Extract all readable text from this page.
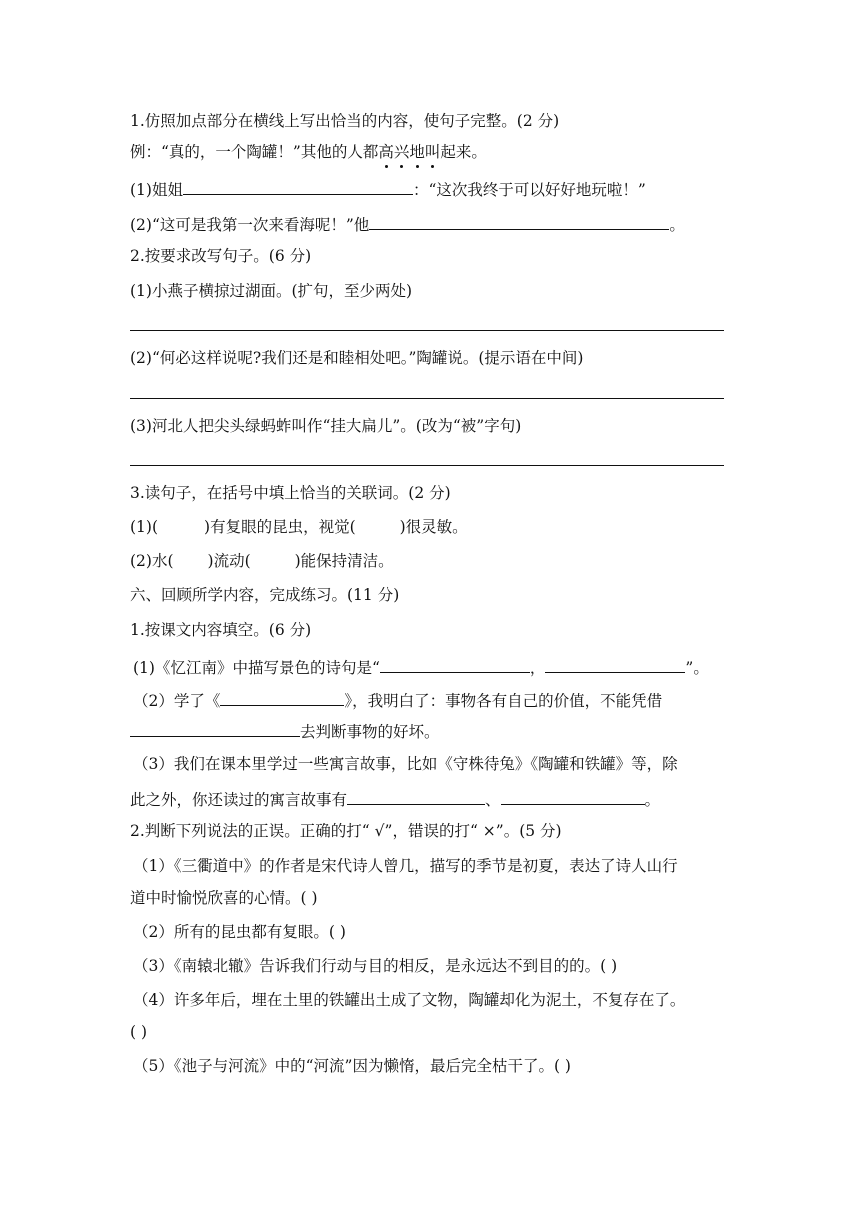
1.仿照加点部分在横线上写出恰当的内容，使句子完整。(2 分)
例：“真的，一个陶罐！”其他的人都高兴地叫起来。
(1)姐姐	：“这次我终于可以好好地玩啦！”
(2)“这可是我第一次来看海呢！”他	。
2.按要求改写句子。(6 分)
(1)小燕子横掠过湖面。(扩句，至少两处)
(2)“何必这样说呢?我们还是和睦相处吧。”陶罐说。(提示语在中间)
(3)河北人把尖头绿蚂蚱叫作“挂大扁儿”。(改为“被”字句)
3.读句子，在括号中填上恰当的关联词。(2 分)
(1)(	)有复眼的昆虫，视觉(	)很灵敏。
(2)水( )流动(	)能保持清洁。
六、回顾所学内容，完成练习。(11 分)
1.按课文内容填空。(6 分)
(1)《忆江南》中描写景色的诗句是“	，	”。
（2）学了《	》，我明白了：事物各有自己的价值，不能凭借
去判断事物的好坏。
（3）我们在课本里学过一些寓言故事，比如《守株待兔》《陶罐和铁罐》等，除
此之外，你还读过的寓言故事有	、	。
2.判断下列说法的正误。正确的打“ √”，错误的打“ ×”。(5 分)
（1）《三衢道中》的作者是宋代诗人曾几，描写的季节是初夏，表达了诗人山行
道中时愉悦欣喜的心情。( )
（2）所有的昆虫都有复眼。( )
（3）《南辕北辙》告诉我们行动与目的相反，是永远达不到目的的。( )
（4）许多年后，埋在土里的铁罐出土成了文物，陶罐却化为泥土，不复存在了。
( )
（5）《池子与河流》中的“河流”因为懒惰，最后完全枯干了。( )
